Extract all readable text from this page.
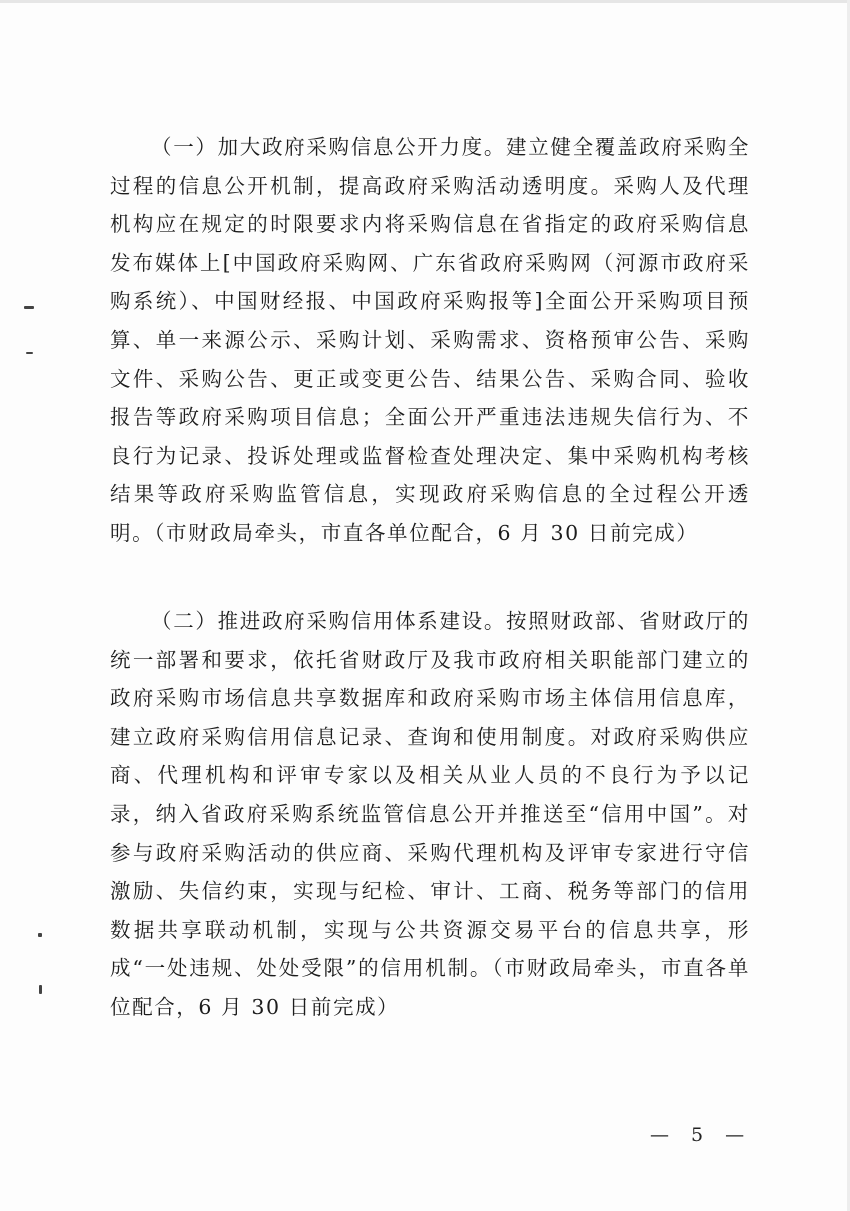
（一）加大政府采购信息公开力度。建立健全覆盖政府采购全过程的信息公开机制，提高政府采购活动透明度。采购人及代理机构应在规定的时限要求内将采购信息在省指定的政府采购信息发布媒体上[中国政府采购网、广东省政府采购网（河源市政府采购系统）、中国财经报、中国政府采购报等]全面公开采购项目预算、单一来源公示、采购计划、采购需求、资格预审公告、采购文件、采购公告、更正或变更公告、结果公告、采购合同、验收报告等政府采购项目信息；全面公开严重违法违规失信行为、不良行为记录、投诉处理或监督检查处理决定、集中采购机构考核结果等政府采购监管信息，实现政府采购信息的全过程公开透明。（市财政局牵头，市直各单位配合，6 月 30 日前完成）

（二）推进政府采购信用体系建设。按照财政部、省财政厅的统一部署和要求，依托省财政厅及我市政府相关职能部门建立的政府采购市场信息共享数据库和政府采购市场主体信用信息库，建立政府采购信用信息记录、查询和使用制度。对政府采购供应商、代理机构和评审专家以及相关从业人员的不良行为予以记录，纳入省政府采购系统监管信息公开并推送至“信用中国”。对参与政府采购活动的供应商、采购代理机构及评审专家进行守信激励、失信约束，实现与纪检、审计、工商、税务等部门的信用数据共享联动机制，实现与公共资源交易平台的信息共享，形成“一处违规、处处受限”的信用机制。（市财政局牵头，市直各单位配合，6 月 30 日前完成）

— 5 —
